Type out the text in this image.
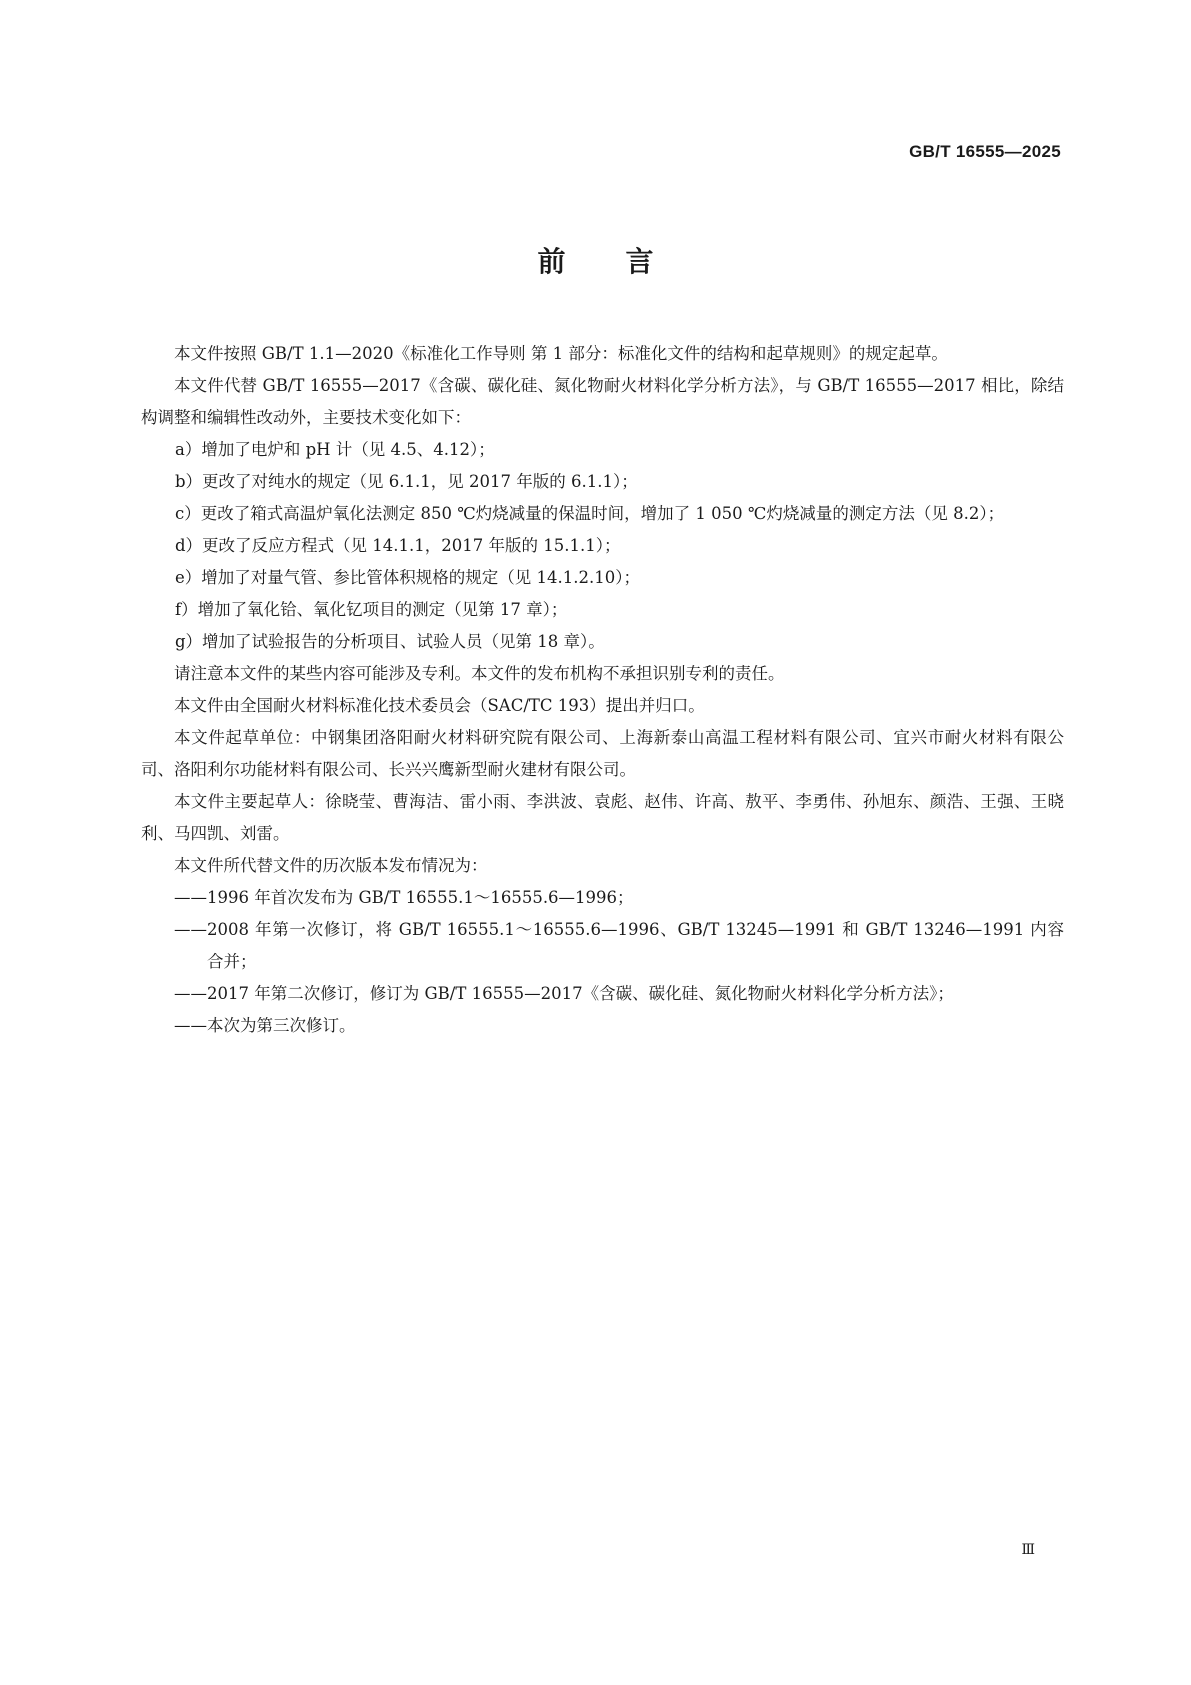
GB/T 16555—2025
前言

本文件按照 GB/T 1.1—2020《标准化工作导则 第 1 部分：标准化文件的结构和起草规则》的规定起草。

本文件代替 GB/T 16555—2017《含碳、碳化硅、氮化物耐火材料化学分析方法》，与 GB/T 16555—2017 相比，除结构调整和编辑性改动外，主要技术变化如下：

a）增加了电炉和 pH 计（见 4.5、4.12）；

b）更改了对纯水的规定（见 6.1.1，见 2017 年版的 6.1.1）；

c）更改了箱式高温炉氧化法测定 850 ℃灼烧减量的保温时间，增加了 1 050 ℃灼烧减量的测定方法（见 8.2）；

d）更改了反应方程式（见 14.1.1，2017 年版的 15.1.1）；

e）增加了对量气管、参比管体积规格的规定（见 14.1.2.10）；

f）增加了氧化铪、氧化钇项目的测定（见第 17 章）；

g）增加了试验报告的分析项目、试验人员（见第 18 章）。

请注意本文件的某些内容可能涉及专利。本文件的发布机构不承担识别专利的责任。

本文件由全国耐火材料标准化技术委员会（SAC/TC 193）提出并归口。

本文件起草单位：中钢集团洛阳耐火材料研究院有限公司、上海新泰山高温工程材料有限公司、宜兴市耐火材料有限公司、洛阳利尔功能材料有限公司、长兴兴鹰新型耐火建材有限公司。

本文件主要起草人：徐晓莹、曹海洁、雷小雨、李洪波、袁彪、赵伟、许高、敖平、李勇伟、孙旭东、颜浩、王强、王晓利、马四凯、刘雷。

本文件所代替文件的历次版本发布情况为：

——1996 年首次发布为 GB/T 16555.1～16555.6—1996；

——2008 年第一次修订，将 GB/T 16555.1～16555.6—1996、GB/T 13245—1991 和 GB/T 13246—1991 内容合并；

——2017 年第二次修订，修订为 GB/T 16555—2017《含碳、碳化硅、氮化物耐火材料化学分析方法》；

——本次为第三次修订。

Ⅲ
